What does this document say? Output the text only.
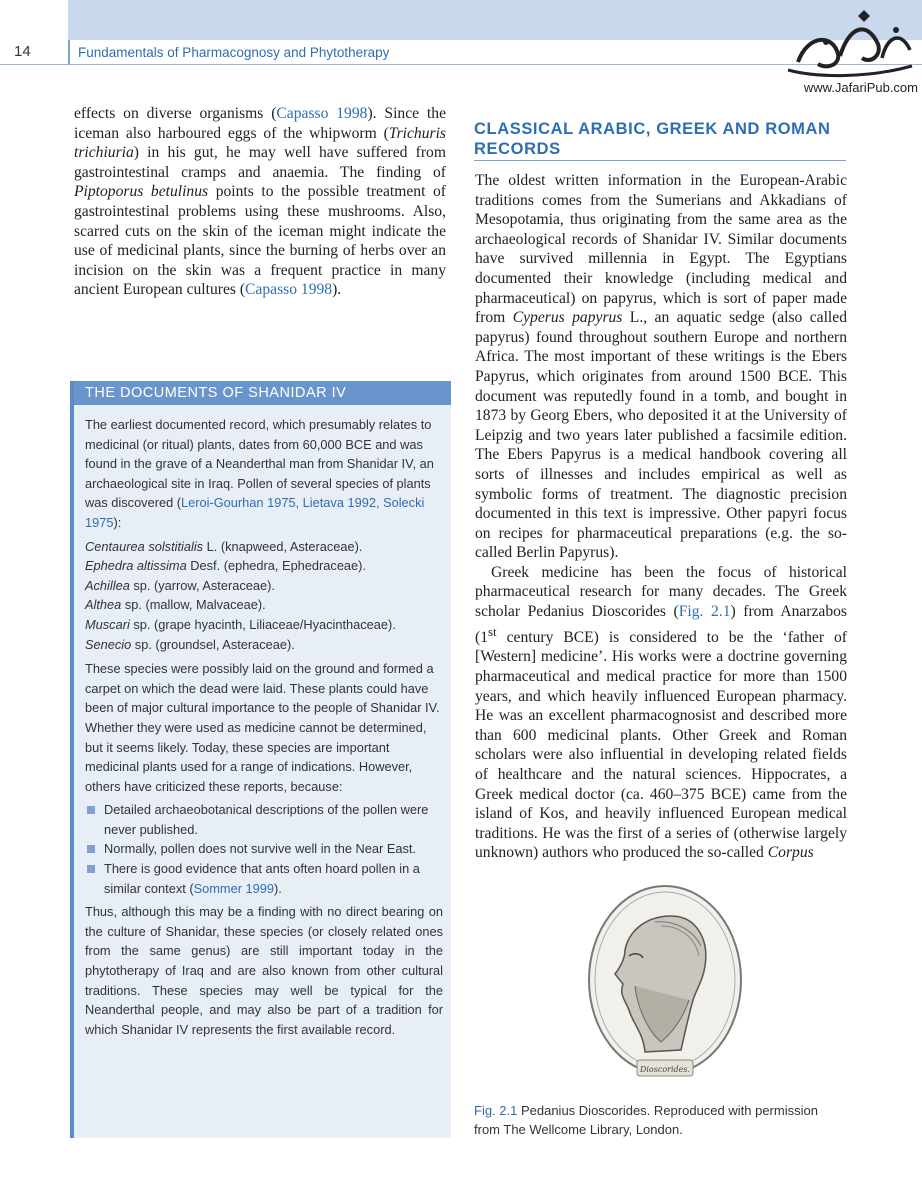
14	Fundamentals of Pharmacognosy and Phytotherapy
www.JafariPub.com

effects on diverse organisms (Capasso 1998). Since the iceman also harboured eggs of the whipworm (Trichuris trichiuria) in his gut, he may well have suffered from gastrointestinal cramps and anaemia. The finding of Piptoporus betulinus points to the possible treatment of gastrointestinal problems using these mushrooms. Also, scarred cuts on the skin of the iceman might indicate the use of medicinal plants, since the burning of herbs over an incision on the skin was a frequent practice in many ancient European cultures (Capasso 1998).

THE DOCUMENTS OF SHANIDAR IV

The earliest documented record, which presumably relates to medicinal (or ritual) plants, dates from 60,000 BCE and was found in the grave of a Neanderthal man from Shanidar IV, an archaeological site in Iraq. Pollen of several species of plants was discovered (Leroi-Gourhan 1975, Lietava 1992, Solecki 1975):

Centaurea solstitialis L. (knapweed, Asteraceae).
Ephedra altissima Desf. (ephedra, Ephedraceae).
Achillea sp. (yarrow, Asteraceae).
Althea sp. (mallow, Malvaceae).
Muscari sp. (grape hyacinth, Liliaceae/Hyacinthaceae).
Senecio sp. (groundsel, Asteraceae).

These species were possibly laid on the ground and formed a carpet on which the dead were laid. These plants could have been of major cultural importance to the people of Shanidar IV. Whether they were used as medicine cannot be determined, but it seems likely. Today, these species are important medicinal plants used for a range of indications. However, others have criticized these reports, because:

Detailed archaeobotanical descriptions of the pollen were never published.
Normally, pollen does not survive well in the Near East.
There is good evidence that ants often hoard pollen in a similar context (Sommer 1999).

Thus, although this may be a finding with no direct bearing on the culture of Shanidar, these species (or closely related ones from the same genus) are still important today in the phytotherapy of Iraq and are also known from other cultural traditions. These species may well be typical for the Neanderthal people, and may also be part of a tradition for which Shanidar IV represents the first available record.

CLASSICAL ARABIC, GREEK AND ROMAN RECORDS

The oldest written information in the European-Arabic traditions comes from the Sumerians and Akkadians of Mesopotamia, thus originating from the same area as the archaeological records of Shanidar IV. Similar documents have survived millennia in Egypt. The Egyptians documented their knowledge (including medical and pharmaceutical) on papyrus, which is sort of paper made from Cyperus papyrus L., an aquatic sedge (also called papyrus) found throughout southern Europe and northern Africa. The most important of these writings is the Ebers Papyrus, which originates from around 1500 BCE. This document was reputedly found in a tomb, and bought in 1873 by Georg Ebers, who deposited it at the University of Leipzig and two years later published a facsimile edition. The Ebers Papyrus is a medical handbook covering all sorts of illnesses and includes empirical as well as symbolic forms of treatment. The diagnostic precision documented in this text is impressive. Other papyri focus on recipes for pharmaceutical preparations (e.g. the so-called Berlin Papyrus).

Greek medicine has been the focus of historical pharmaceutical research for many decades. The Greek scholar Pedanius Dioscorides (Fig. 2.1) from Anarzabos (1st century BCE) is considered to be the ‘father of [Western] medicine’. His works were a doctrine governing pharmaceutical and medical practice for more than 1500 years, and which heavily influenced European pharmacy. He was an excellent pharmacognosist and described more than 600 medicinal plants. Other Greek and Roman scholars were also influential in developing related fields of healthcare and the natural sciences. Hippocrates, a Greek medical doctor (ca. 460–375 BCE) came from the island of Kos, and heavily influenced European medical traditions. He was the first of a series of (otherwise largely unknown) authors who produced the so-called Corpus

Dioscorides.
Fig. 2.1 Pedanius Dioscorides. Reproduced with permission from The Wellcome Library, London.
